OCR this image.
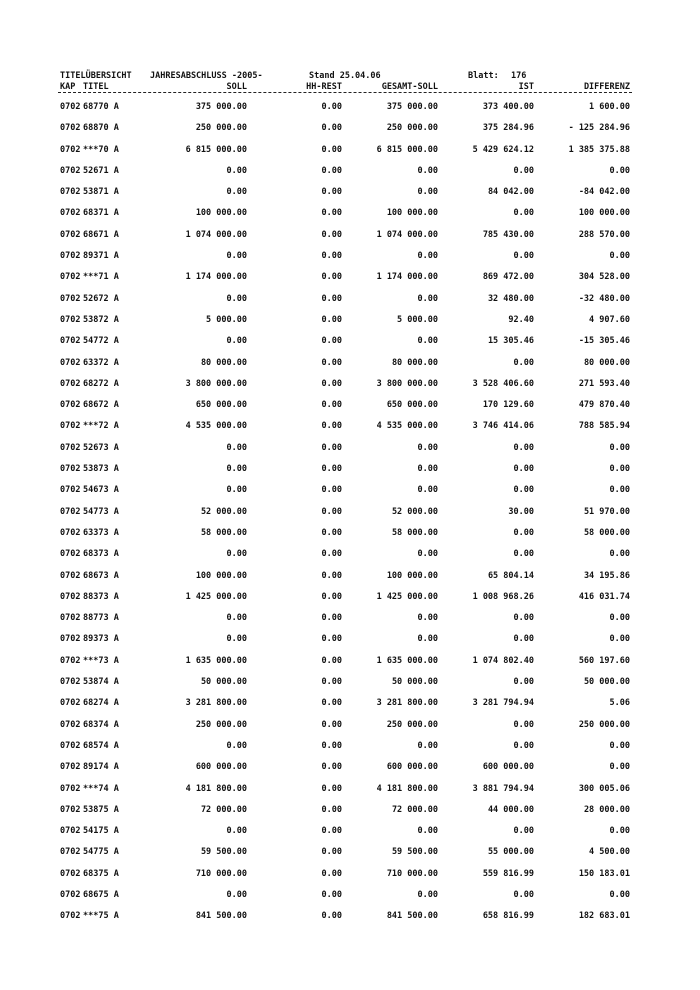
TITELÜBERSICHT JAHRESABSCHLUSS -2005-	Stand 25.04.06	Blatt: 176
KAP TITEL	SOLL	HH-REST	GESAMT-SOLL	IST	DIFFERENZ
0702 68770 A	375 000.00	0.00	375 000.00	373 400.00	1 600.00
0702 68870 A	250 000.00	0.00	250 000.00	375 284.96	- 125 284.96
0702 ***70 A	6 815 000.00	0.00	6 815 000.00	5 429 624.12	1 385 375.88
0702 52671 A	0.00	0.00	0.00	0.00	0.00
0702 53871 A	0.00	0.00	0.00	84 042.00	-84 042.00
0702 68371 A	100 000.00	0.00	100 000.00	0.00	100 000.00
0702 68671 A	1 074 000.00	0.00	1 074 000.00	785 430.00	288 570.00
0702 89371 A	0.00	0.00	0.00	0.00	0.00
0702 ***71 A	1 174 000.00	0.00	1 174 000.00	869 472.00	304 528.00
0702 52672 A	0.00	0.00	0.00	32 480.00	-32 480.00
0702 53872 A	5 000.00	0.00	5 000.00	92.40	4 907.60
0702 54772 A	0.00	0.00	0.00	15 305.46	-15 305.46
0702 63372 A	80 000.00	0.00	80 000.00	0.00	80 000.00
0702 68272 A	3 800 000.00	0.00	3 800 000.00	3 528 406.60	271 593.40
0702 68672 A	650 000.00	0.00	650 000.00	170 129.60	479 870.40
0702 ***72 A	4 535 000.00	0.00	4 535 000.00	3 746 414.06	788 585.94
0702 52673 A	0.00	0.00	0.00	0.00	0.00
0702 53873 A	0.00	0.00	0.00	0.00	0.00
0702 54673 A	0.00	0.00	0.00	0.00	0.00
0702 54773 A	52 000.00	0.00	52 000.00	30.00	51 970.00
0702 63373 A	58 000.00	0.00	58 000.00	0.00	58 000.00
0702 68373 A	0.00	0.00	0.00	0.00	0.00
0702 68673 A	100 000.00	0.00	100 000.00	65 804.14	34 195.86
0702 88373 A	1 425 000.00	0.00	1 425 000.00	1 008 968.26	416 031.74
0702 88773 A	0.00	0.00	0.00	0.00	0.00
0702 89373 A	0.00	0.00	0.00	0.00	0.00
0702 ***73 A	1 635 000.00	0.00	1 635 000.00	1 074 802.40	560 197.60
0702 53874 A	50 000.00	0.00	50 000.00	0.00	50 000.00
0702 68274 A	3 281 800.00	0.00	3 281 800.00	3 281 794.94	5.06
0702 68374 A	250 000.00	0.00	250 000.00	0.00	250 000.00
0702 68574 A	0.00	0.00	0.00	0.00	0.00
0702 89174 A	600 000.00	0.00	600 000.00	600 000.00	0.00
0702 ***74 A	4 181 800.00	0.00	4 181 800.00	3 881 794.94	300 005.06
0702 53875 A	72 000.00	0.00	72 000.00	44 000.00	28 000.00
0702 54175 A	0.00	0.00	0.00	0.00	0.00
0702 54775 A	59 500.00	0.00	59 500.00	55 000.00	4 500.00
0702 68375 A	710 000.00	0.00	710 000.00	559 816.99	150 183.01
0702 68675 A	0.00	0.00	0.00	0.00	0.00
0702 ***75 A	841 500.00	0.00	841 500.00	658 816.99	182 683.01
